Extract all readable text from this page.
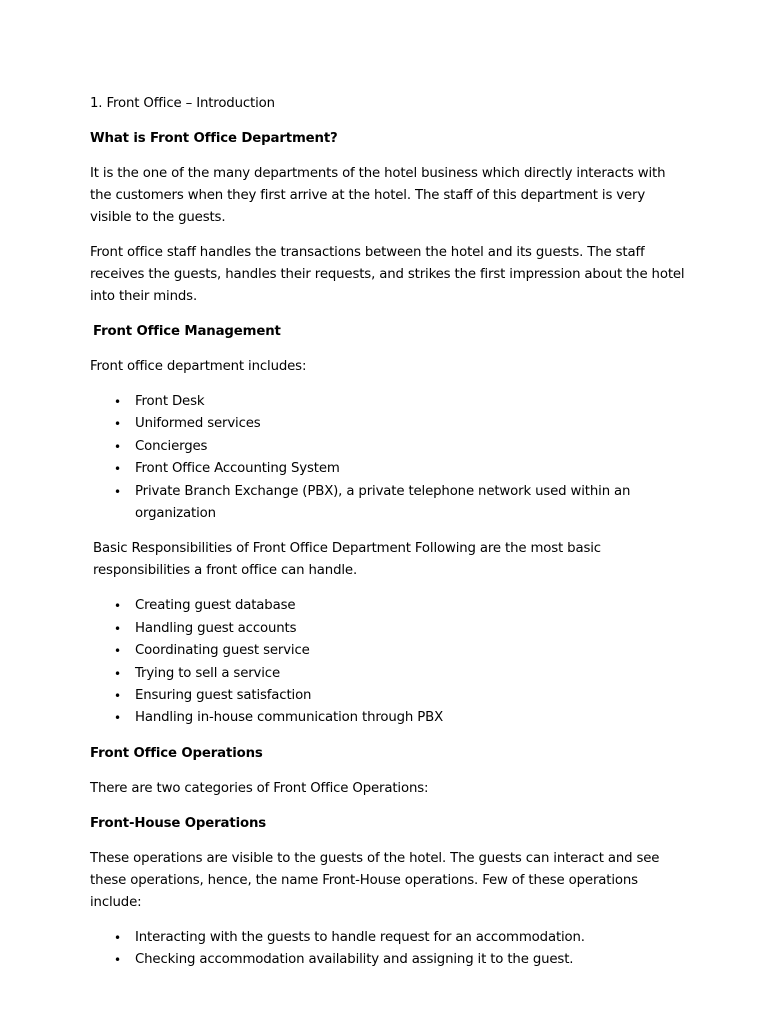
1. Front Office – Introduction

What is Front Office Department?

It is the one of the many departments of the hotel business which directly interacts with the customers when they first arrive at the hotel. The staff of this department is very visible to the guests.

Front office staff handles the transactions between the hotel and its guests. The staff receives the guests, handles their requests, and strikes the first impression about the hotel into their minds.

Front Office Management

Front office department includes:

• Front Desk
• Uniformed services
• Concierges
• Front Office Accounting System
• Private Branch Exchange (PBX), a private telephone network used within an organization

Basic Responsibilities of Front Office Department Following are the most basic responsibilities a front office can handle.

• Creating guest database
• Handling guest accounts
• Coordinating guest service
• Trying to sell a service
• Ensuring guest satisfaction
• Handling in-house communication through PBX

Front Office Operations

There are two categories of Front Office Operations:

Front-House Operations

These operations are visible to the guests of the hotel. The guests can interact and see these operations, hence, the name Front-House operations. Few of these operations include:

• Interacting with the guests to handle request for an accommodation.
• Checking accommodation availability and assigning it to the guest.
